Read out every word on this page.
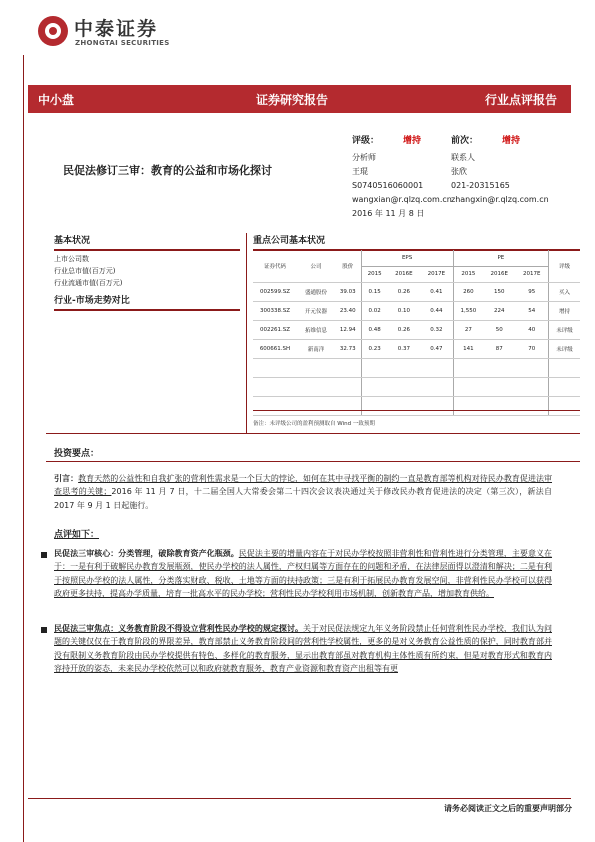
中泰证券
ZHONGTAI SECURITIES
中小盘	证券研究报告	行业点评报告
民促法修订三审：教育的公益和市场化探讨
评级：	增持	前次：	增持
分析师
王琨
S0740516060001
wangxian@r.qlzq.com.cn
2016 年 11 月 8 日
联系人
张欣
021-20315165
zhangxin@r.qlzq.com.cn
基本状况
上市公司数
行业总市值(百万元)
行业流通市值(百万元)
行业-市场走势对比
重点公司基本状况
证券代码	公司	股价	EPS			PE			评级
			2015	2016E	2017E	2015	2016E	2017E	
002599.SZ	盛通股份	39.03	0.15	0.26	0.41	260	150	95	买入
300338.SZ	开元仪器	23.40	0.02	0.10	0.44	1,550	224	54	增持
002261.SZ	拓维信息	12.94	0.48	0.26	0.32	27	50	40	未评级
600661.SH	新南洋	32.73	0.23	0.37	0.47	141	87	70	未评级

备注：未评级公司的盈利预测取自 Wind 一致预期
投资要点：
引言：教育天然的公益性和自我扩张的营利性需求是一个巨大的悖论，如何在其中寻找平衡的制约一直是教育部等机构对待民办教育促进法审查思考的关键；2016 年 11 月 7 日，十二届全国人大常委会第二十四次会议表决通过关于修改民办教育促进法的决定（第三次），新法自 2017 年 9 月 1 日起施行。
点评如下：
民促法三审核心：分类管理，破除教育资产化瓶颈。民促法主要的增量内容在于对民办学校按照非营利性和营利性进行分类管理，主要意义在于：一是有利于破解民办教育发展瓶颈，使民办学校的法人属性，产权归属等方面存在的问题和矛盾，在法律层面得以澄清和解决；二是有利于按照民办学校的法人属性，分类落实财政、税收、土地等方面的扶持政策；三是有利于拓展民办教育发展空间，非营利性民办学校可以获得政府更多扶持，提高办学质量，培育一批高水平的民办学校；营利性民办学校利用市场机制，创新教育产品，增加教育供给。
民促法三审焦点：义务教育阶段不得设立营利性民办学校的规定探讨。关于对民促法规定九年义务阶段禁止任何营利性民办学校，我们认为问题的关键仅仅在于教育阶段的界限差异，教育部禁止义务教育阶段间的营利性学校属性，更多的是对义务教育公益性质的保护，同时教育部并没有限制义务教育阶段由民办学校提供有特色、多样化的教育服务，显示出教育部虽对教育机构主体性质有所约束，但是对教育形式和教育内容持开放的姿态，未来民办学校依然可以和政府就教育服务、教育产业资源和教育资产出租等有更
请务必阅读正文之后的重要声明部分
